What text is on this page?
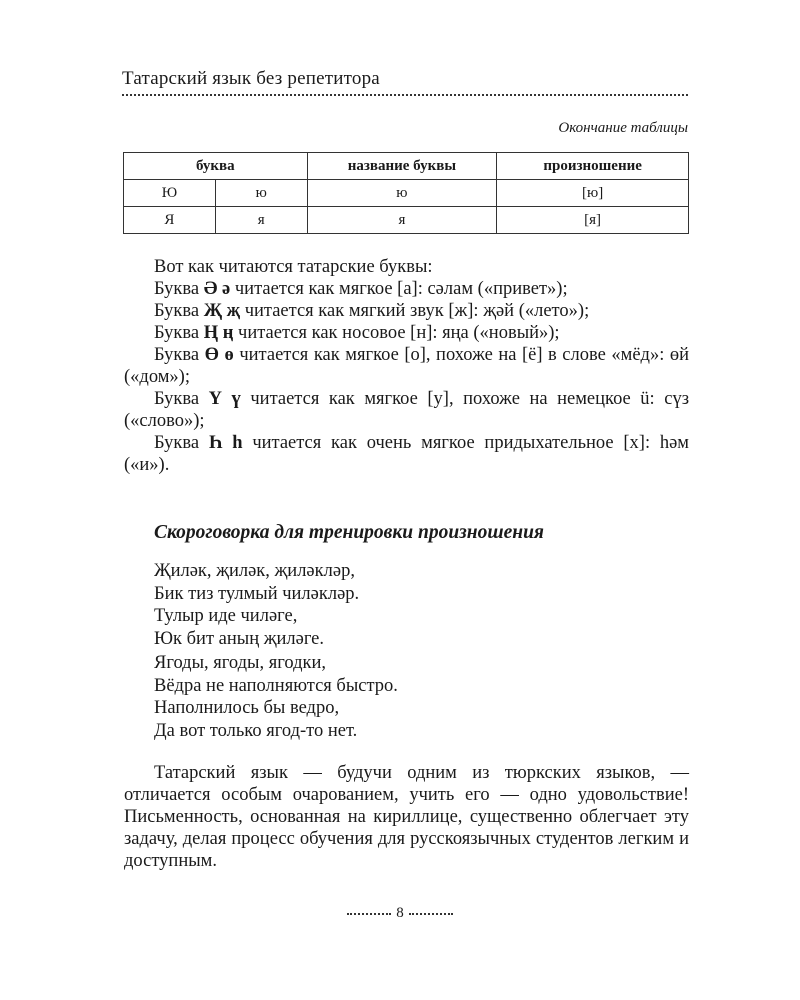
Татарский язык без репетитора
Окончание таблицы
буква		название буквы	произношение
Ю	ю	ю	[ю]
Я	я	я	[я]

Вот как читаются татарские буквы:

Буква Ә ә читается как мягкое [а]: сәлам («привет»);

Буква Җ җ читается как мягкий звук [ж]: җәй («лето»);

Буква Ң ң читается как носовое [н]: яңа («новый»);

Буква Ө ө читается как мягкое [о], похоже на [ё] в слове «мёд»: өй («дом»);

Буква Ү ү читается как мягкое [у], похоже на немецкое ü: сүз («слово»);

Буква Һ һ читается как очень мягкое придыхательное [х]: һәм («и»).

Скороговорка для тренировки произношения
Җиләк, җиләк, җиләкләр,
Бик тиз тулмый чиләкләр.
Тулыр иде чиләге,
Юк бит аның җиләге.
Ягоды, ягоды, ягодки,
Вёдра не наполняются быстро.
Наполнилось бы ведро,
Да вот только ягод-то нет.

Татарский язык — будучи одним из тюркских языков, — отличается особым очарованием, учить его — одно удовольствие! Письменность, основанная на кириллице, существенно облегчает эту задачу, делая процесс обучения для русскоязычных студентов легким и доступным.

8
